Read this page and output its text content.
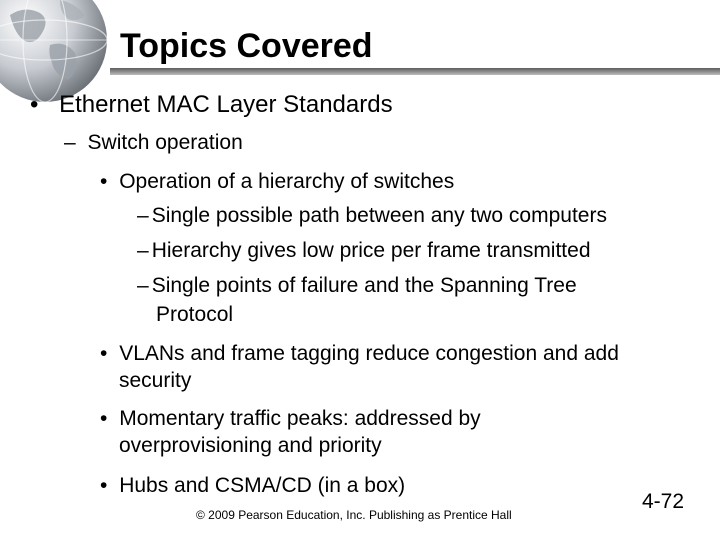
Topics Covered
• Ethernet MAC Layer Standards
– Switch operation
• Operation of a hierarchy of switches
– Single possible path between any two computers
– Hierarchy gives low price per frame transmitted
– Single points of failure and the Spanning Tree
Protocol
• VLANs and frame tagging reduce congestion and add
security
• Momentary traffic peaks: addressed by
overprovisioning and priority
• Hubs and CSMA/CD (in a box)
© 2009 Pearson Education, Inc. Publishing as Prentice Hall
4-72
